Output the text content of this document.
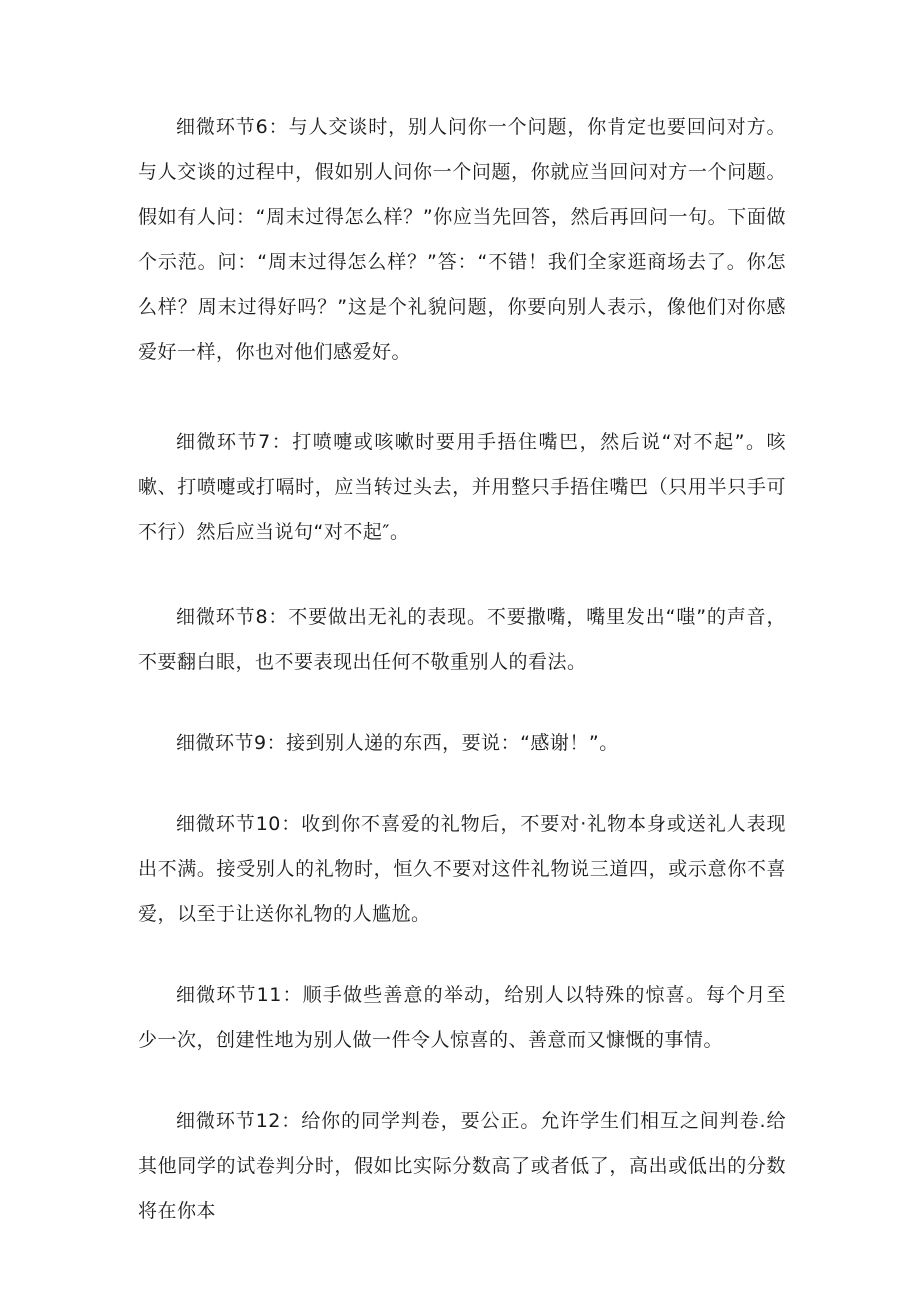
细微环节6：与人交谈时，别人问你一个问题，你肯定也要回问对方。与人交谈的过程中，假如别人问你一个问题，你就应当回问对方一个问题。假如有人问：“周末过得怎么样？”你应当先回答，然后再回问一句。下面做个示范。问：“周末过得怎么样？”答：“不错！我们全家逛商场去了。你怎么样？周末过得好吗？”这是个礼貌问题，你要向别人表示，像他们对你感爱好一样，你也对他们感爱好。

细微环节7：打喷嚏或咳嗽时要用手捂住嘴巴，然后说“对不起”。咳嗽、打喷嚏或打嗝时，应当转过头去，并用整只手捂住嘴巴（只用半只手可不行）然后应当说句“对不起″。

细微环节8：不要做出无礼的表现。不要撒嘴，嘴里发出“嗤”的声音，不要翻白眼，也不要表现出任何不敬重别人的看法。

细微环节9：接到别人递的东西，要说：“感谢！”。

细微环节10：收到你不喜爱的礼物后，不要对·礼物本身或送礼人表现出不满。接受别人的礼物时，恒久不要对这件礼物说三道四，或示意你不喜爱，以至于让送你礼物的人尴尬。

细微环节11：顺手做些善意的举动，给别人以特殊的惊喜。每个月至少一次，创建性地为别人做一件令人惊喜的、善意而又慷慨的事情。

细微环节12：给你的同学判卷，要公正。允许学生们相互之间判卷.给其他同学的试卷判分时，假如比实际分数高了或者低了，高出或低出的分数将在你本
